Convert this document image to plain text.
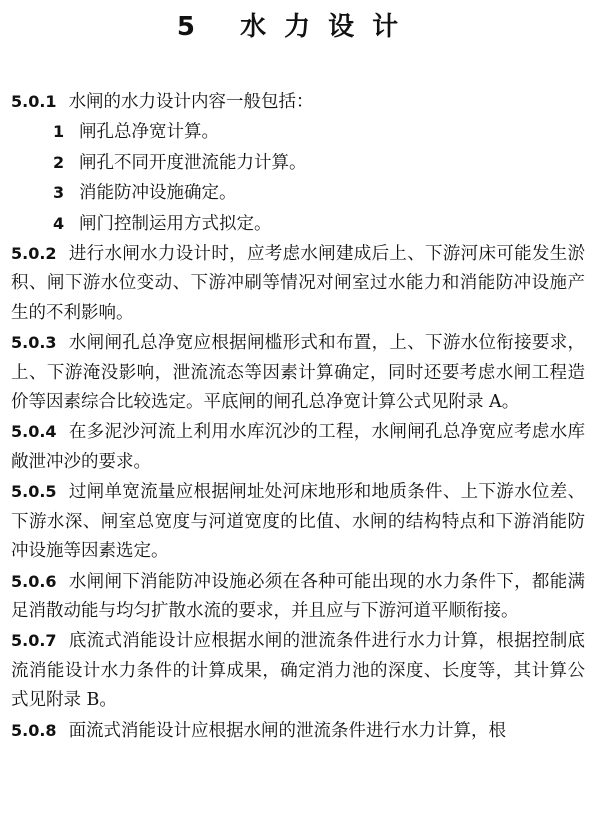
5 水力设计

5.0.1 水闸的水力设计内容一般包括：

1 闸孔总净宽计算。

2 闸孔不同开度泄流能力计算。

3 消能防冲设施确定。

4 闸门控制运用方式拟定。

5.0.2 进行水闸水力设计时，应考虑水闸建成后上、下游河床可能发生淤积、闸下游水位变动、下游冲刷等情况对闸室过水能力和消能防冲设施产生的不利影响。

5.0.3 水闸闸孔总净宽应根据闸槛形式和布置，上、下游水位衔接要求，上、下游淹没影响，泄流流态等因素计算确定，同时还要考虑水闸工程造价等因素综合比较选定。平底闸的闸孔总净宽计算公式见附录 A。

5.0.4 在多泥沙河流上利用水库沉沙的工程，水闸闸孔总净宽应考虑水库敞泄冲沙的要求。

5.0.5 过闸单宽流量应根据闸址处河床地形和地质条件、上下游水位差、下游水深、闸室总宽度与河道宽度的比值、水闸的结构特点和下游消能防冲设施等因素选定。

5.0.6 水闸闸下消能防冲设施必须在各种可能出现的水力条件下，都能满足消散动能与均匀扩散水流的要求，并且应与下游河道平顺衔接。

5.0.7 底流式消能设计应根据水闸的泄流条件进行水力计算，根据控制底流消能设计水力条件的计算成果，确定消力池的深度、长度等，其计算公式见附录 B。

5.0.8 面流式消能设计应根据水闸的泄流条件进行水力计算，根
